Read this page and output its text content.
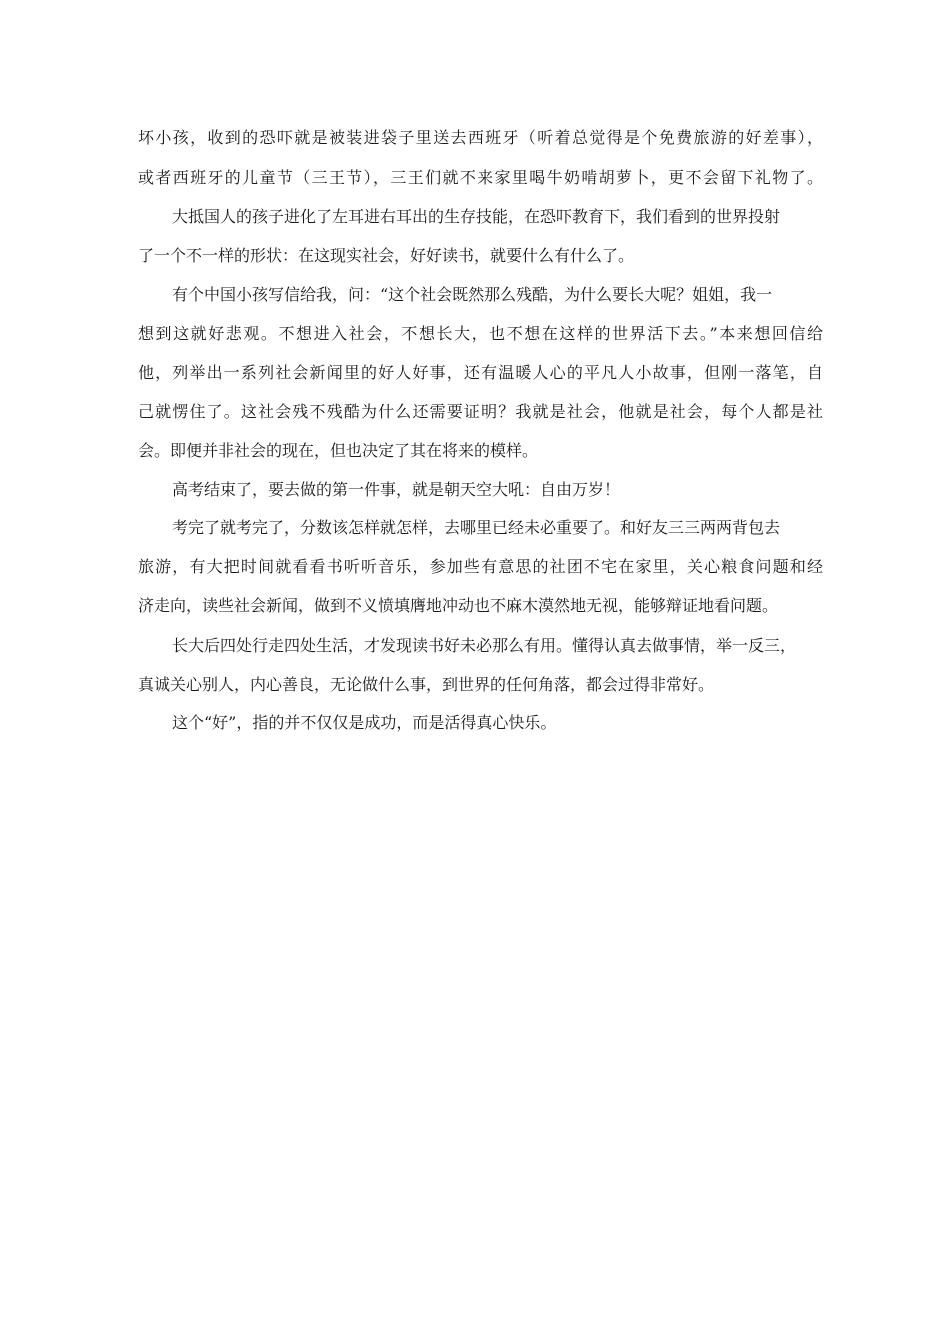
坏小孩，收到的恐吓就是被装进袋子里送去西班牙（听着总觉得是个免费旅游的好差事），
或者西班牙的儿童节（三王节），三王们就不来家里喝牛奶啃胡萝卜，更不会留下礼物了。
大抵国人的孩子进化了左耳进右耳出的生存技能，在恐吓教育下，我们看到的世界投射
了一个不一样的形状：在这现实社会，好好读书，就要什么有什么了。
有个中国小孩写信给我，问：“这个社会既然那么残酷，为什么要长大呢？姐姐，我一
想到这就好悲观。不想进入社会，不想长大，也不想在这样的世界活下去。”本来想回信给
他，列举出一系列社会新闻里的好人好事，还有温暖人心的平凡人小故事，但刚一落笔，自
己就愣住了。这社会残不残酷为什么还需要证明？我就是社会，他就是社会，每个人都是社
会。即便并非社会的现在，但也决定了其在将来的模样。
高考结束了，要去做的第一件事，就是朝天空大吼：自由万岁！
考完了就考完了，分数该怎样就怎样，去哪里已经未必重要了。和好友三三两两背包去
旅游，有大把时间就看看书听听音乐，参加些有意思的社团不宅在家里，关心粮食问题和经
济走向，读些社会新闻，做到不义愤填膺地冲动也不麻木漠然地无视，能够辩证地看问题。
长大后四处行走四处生活，才发现读书好未必那么有用。懂得认真去做事情，举一反三，
真诚关心别人，内心善良，无论做什么事，到世界的任何角落，都会过得非常好。
这个“好”，指的并不仅仅是成功，而是活得真心快乐。
